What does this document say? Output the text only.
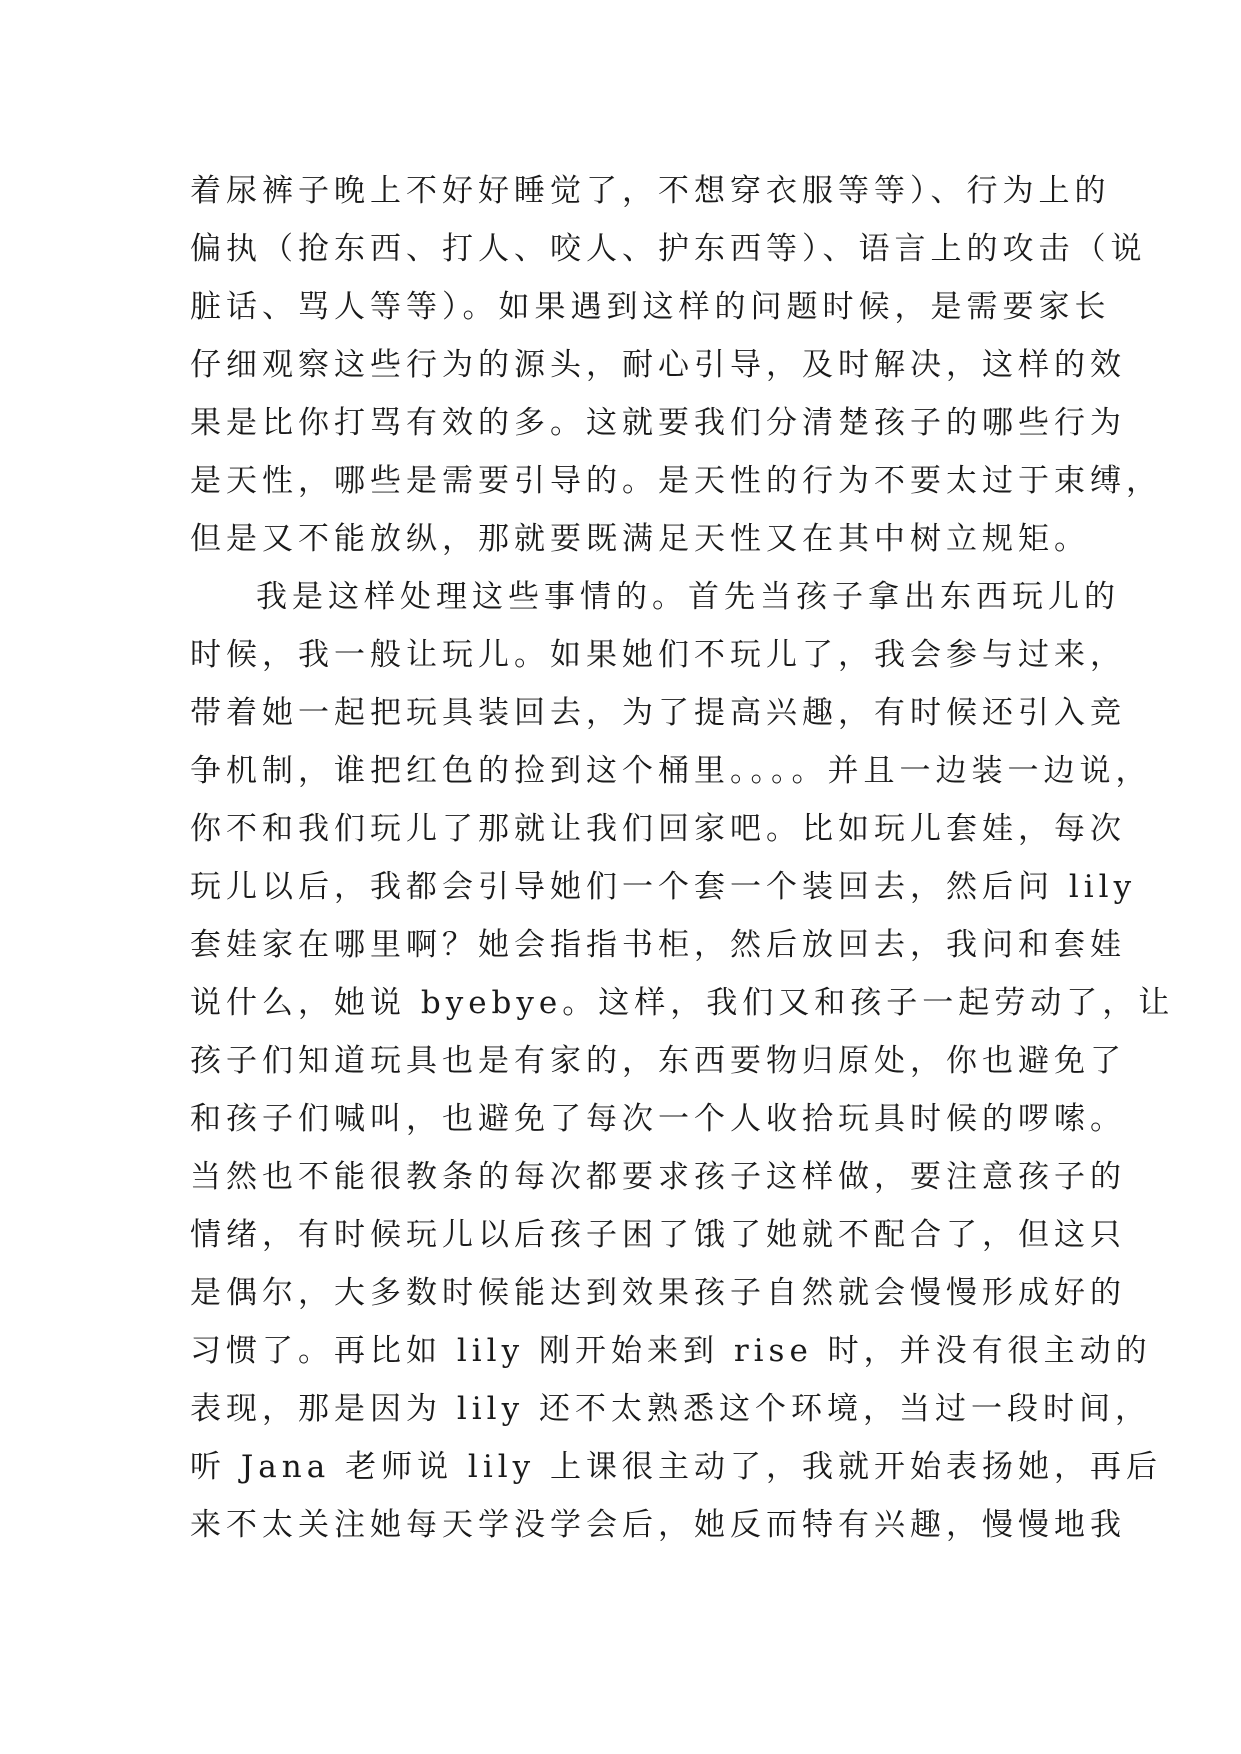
着尿裤子晚上不好好睡觉了，不想穿衣服等等）、行为上的
偏执（抢东西、打人、咬人、护东西等）、语言上的攻击（说
脏话、骂人等等）。如果遇到这样的问题时候，是需要家长
仔细观察这些行为的源头，耐心引导，及时解决，这样的效
果是比你打骂有效的多。这就要我们分清楚孩子的哪些行为
是天性，哪些是需要引导的。是天性的行为不要太过于束缚，
但是又不能放纵，那就要既满足天性又在其中树立规矩。
我是这样处理这些事情的。首先当孩子拿出东西玩儿的
时候，我一般让玩儿。如果她们不玩儿了，我会参与过来，
带着她一起把玩具装回去，为了提高兴趣，有时候还引入竞
争机制，谁把红色的捡到这个桶里。。。。并且一边装一边说，
你不和我们玩儿了那就让我们回家吧。比如玩儿套娃，每次
玩儿以后，我都会引导她们一个套一个装回去，然后问 lily
套娃家在哪里啊？她会指指书柜，然后放回去，我问和套娃
说什么，她说 byebye。这样，我们又和孩子一起劳动了，让
孩子们知道玩具也是有家的，东西要物归原处，你也避免了
和孩子们喊叫，也避免了每次一个人收拾玩具时候的啰嗦。
当然也不能很教条的每次都要求孩子这样做，要注意孩子的
情绪，有时候玩儿以后孩子困了饿了她就不配合了，但这只
是偶尔，大多数时候能达到效果孩子自然就会慢慢形成好的
习惯了。再比如 lily 刚开始来到 rise 时，并没有很主动的
表现，那是因为 lily 还不太熟悉这个环境，当过一段时间，
听 Jana 老师说 lily 上课很主动了，我就开始表扬她，再后
来不太关注她每天学没学会后，她反而特有兴趣，慢慢地我
